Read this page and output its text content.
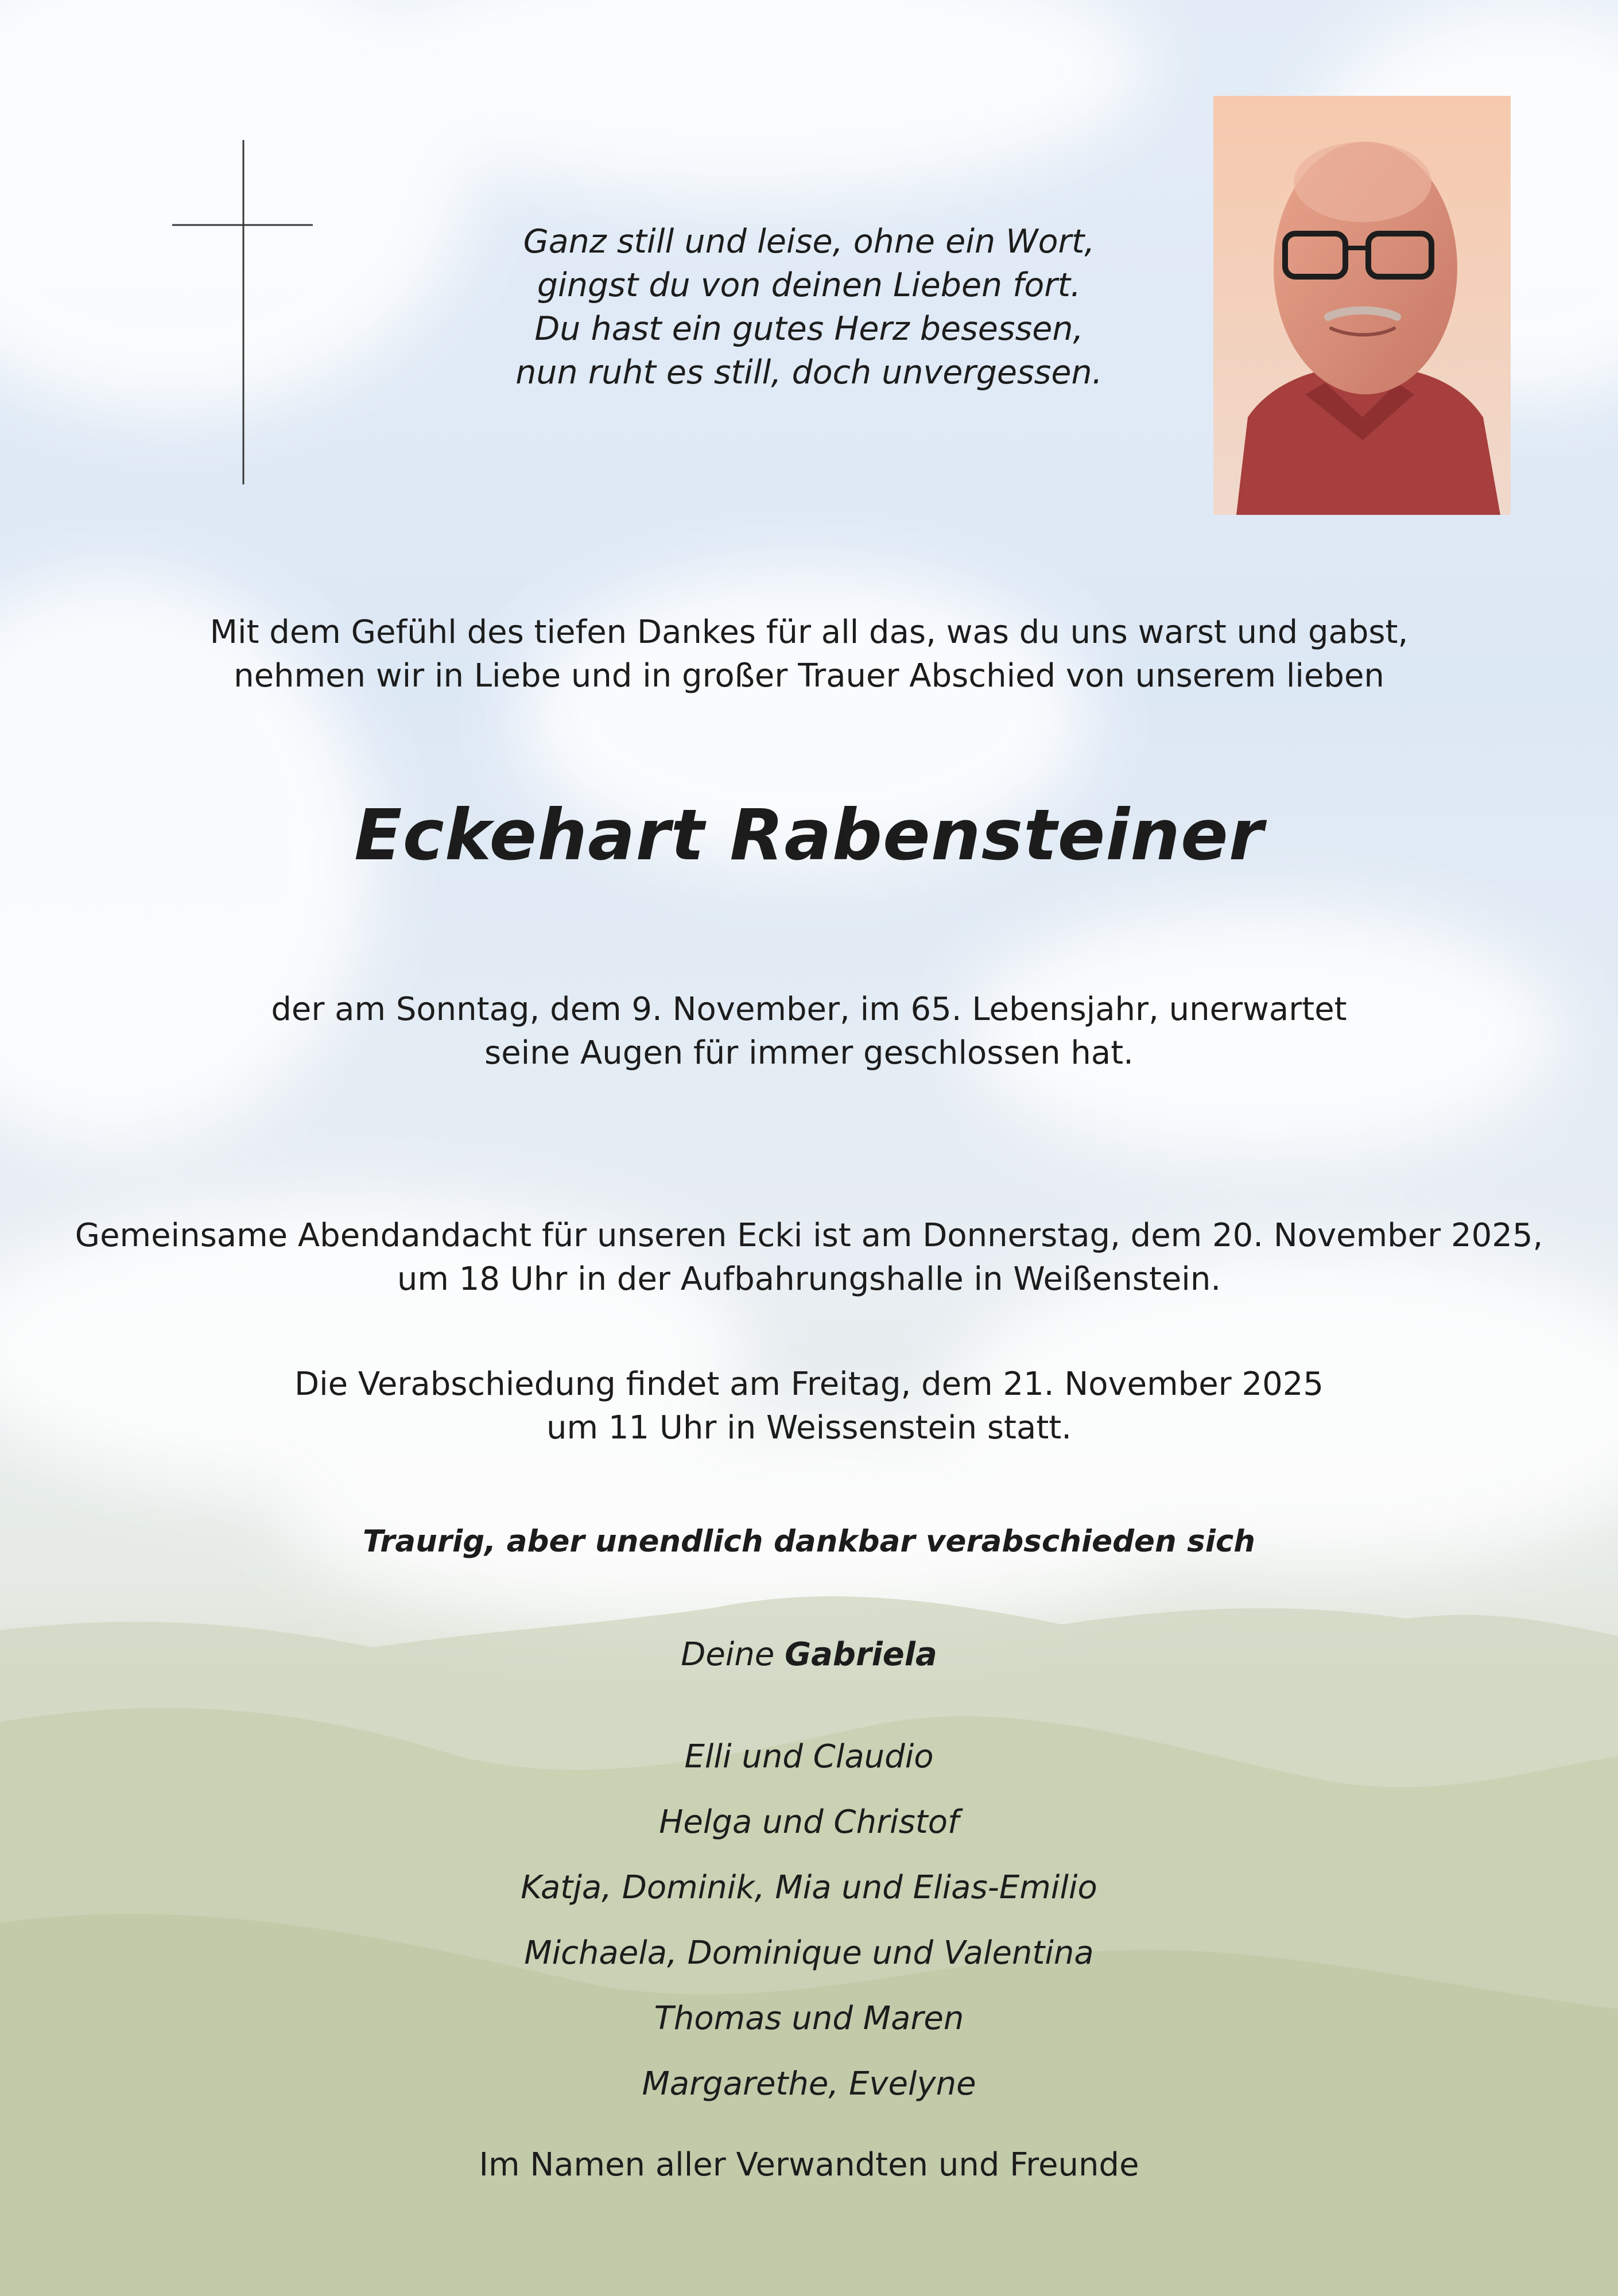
Ganz still und leise, ohne ein Wort,
gingst du von deinen Lieben fort.
Du hast ein gutes Herz besessen,
nun ruht es still, doch unvergessen.
Mit dem Gefühl des tiefen Dankes für all das, was du uns warst und gabst,
nehmen wir in Liebe und in großer Trauer Abschied von unserem lieben
Eckehart Rabensteiner
der am Sonntag, dem 9. November, im 65. Lebensjahr, unerwartet
seine Augen für immer geschlossen hat.
Gemeinsame Abendandacht für unseren Ecki ist am Donnerstag, dem 20. November 2025,
um 18 Uhr in der Aufbahrungshalle in Weißenstein.
Die Verabschiedung findet am Freitag, dem 21. November 2025
um 11 Uhr in Weissenstein statt.
Traurig, aber unendlich dankbar verabschieden sich
Deine Gabriela
Elli und Claudio
Helga und Christof
Katja, Dominik, Mia und Elias-Emilio
Michaela, Dominique und Valentina
Thomas und Maren
Margarethe, Evelyne
Im Namen aller Verwandten und Freunde
